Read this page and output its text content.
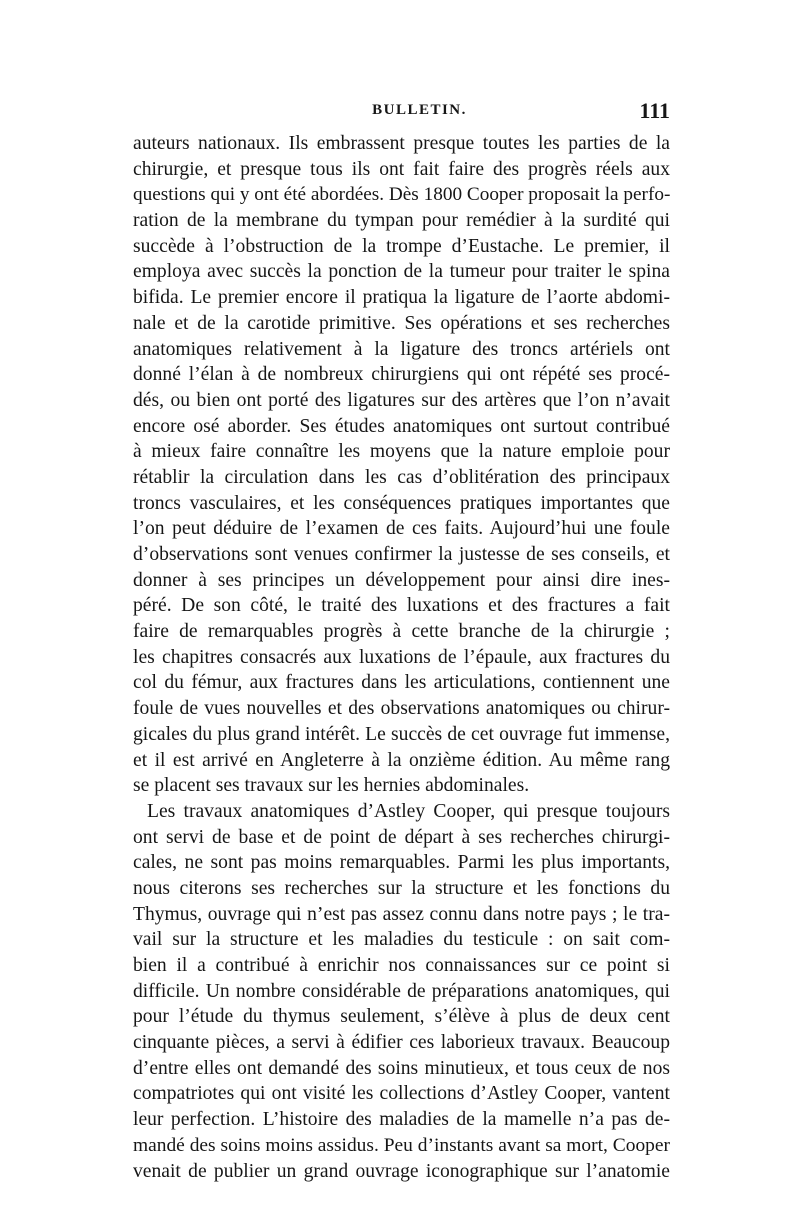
BULLETIN.	111
auteurs nationaux. Ils embrassent presque toutes les parties de la
chirurgie, et presque tous ils ont fait faire des progrès réels aux
questions qui y ont été abordées. Dès 1800 Cooper proposait la perfo-
ration de la membrane du tympan pour remédier à la surdité qui
succède à l’obstruction de la trompe d’Eustache. Le premier, il
employa avec succès la ponction de la tumeur pour traiter le spina
bifida. Le premier encore il pratiqua la ligature de l’aorte abdomi-
nale et de la carotide primitive. Ses opérations et ses recherches
anatomiques relativement à la ligature des troncs artériels ont
donné l’élan à de nombreux chirurgiens qui ont répété ses procé-
dés, ou bien ont porté des ligatures sur des artères que l’on n’avait
encore osé aborder. Ses études anatomiques ont surtout contribué
à mieux faire connaître les moyens que la nature emploie pour
rétablir la circulation dans les cas d’oblitération des principaux
troncs vasculaires, et les conséquences pratiques importantes que
l’on peut déduire de l’examen de ces faits. Aujourd’hui une foule
d’observations sont venues confirmer la justesse de ses conseils, et
donner à ses principes un développement pour ainsi dire ines-
péré. De son côté, le traité des luxations et des fractures a fait
faire de remarquables progrès à cette branche de la chirurgie ;
les chapitres consacrés aux luxations de l’épaule, aux fractures du
col du fémur, aux fractures dans les articulations, contiennent une
foule de vues nouvelles et des observations anatomiques ou chirur-
gicales du plus grand intérêt. Le succès de cet ouvrage fut immense,
et il est arrivé en Angleterre à la onzième édition. Au même rang
se placent ses travaux sur les hernies abdominales.
Les travaux anatomiques d’Astley Cooper, qui presque toujours
ont servi de base et de point de départ à ses recherches chirurgi-
cales, ne sont pas moins remarquables. Parmi les plus importants,
nous citerons ses recherches sur la structure et les fonctions du
Thymus, ouvrage qui n’est pas assez connu dans notre pays ; le tra-
vail sur la structure et les maladies du testicule : on sait com-
bien il a contribué à enrichir nos connaissances sur ce point si
difficile. Un nombre considérable de préparations anatomiques, qui
pour l’étude du thymus seulement, s’élève à plus de deux cent
cinquante pièces, a servi à édifier ces laborieux travaux. Beaucoup
d’entre elles ont demandé des soins minutieux, et tous ceux de nos
compatriotes qui ont visité les collections d’Astley Cooper, vantent
leur perfection. L’histoire des maladies de la mamelle n’a pas de-
mandé des soins moins assidus. Peu d’instants avant sa mort, Cooper
venait de publier un grand ouvrage iconographique sur l’anatomie
